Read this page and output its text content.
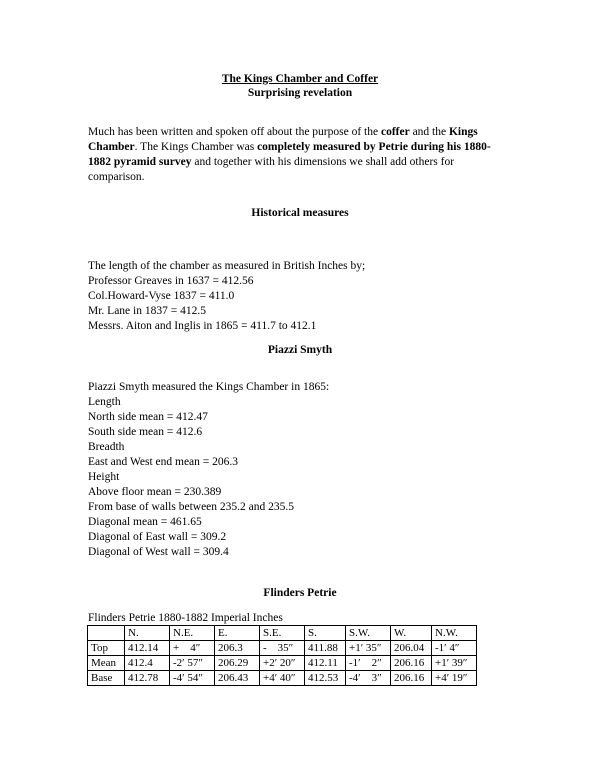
The Kings Chamber and Coffer
Surprising revelation

Much has been written and spoken off about the purpose of the coffer and the Kings Chamber. The Kings Chamber was completely measured by Petrie during his 1880-1882 pyramid survey and together with his dimensions we shall add others for comparison.

Historical measures

The length of the chamber as measured in British Inches by;

Professor Greaves in 1637 = 412.56

Col.Howard-Vyse 1837 = 411.0

Mr. Lane in 1837 = 412.5

Messrs. Aiton and Inglis in 1865 = 411.7 to 412.1

Piazzi Smyth

Piazzi Smyth measured the Kings Chamber in 1865:

Length

North side mean = 412.47

South side mean = 412.6

Breadth

East and West end mean = 206.3

Height

Above floor mean = 230.389

From base of walls between 235.2 and 235.5

Diagonal mean = 461.65

Diagonal of East wall = 309.2

Diagonal of West wall = 309.4

Flinders Petrie
Flinders Petrie 1880-1882 Imperial Inches
	N.	N.E.	E.	S.E.	S.	S.W.	W.	N.W.
Top	412.14	+    4″	206.3	-    35″	411.88	+1′ 35″	206.04	-1′ 4″
Mean	412.4	-2′ 57″	206.29	+2′ 20″	412.11	-1′    2″	206.16	+1′ 39″
Base	412.78	-4′ 54″	206.43	+4′ 40″	412.53	-4′    3″	206.16	+4′ 19″
